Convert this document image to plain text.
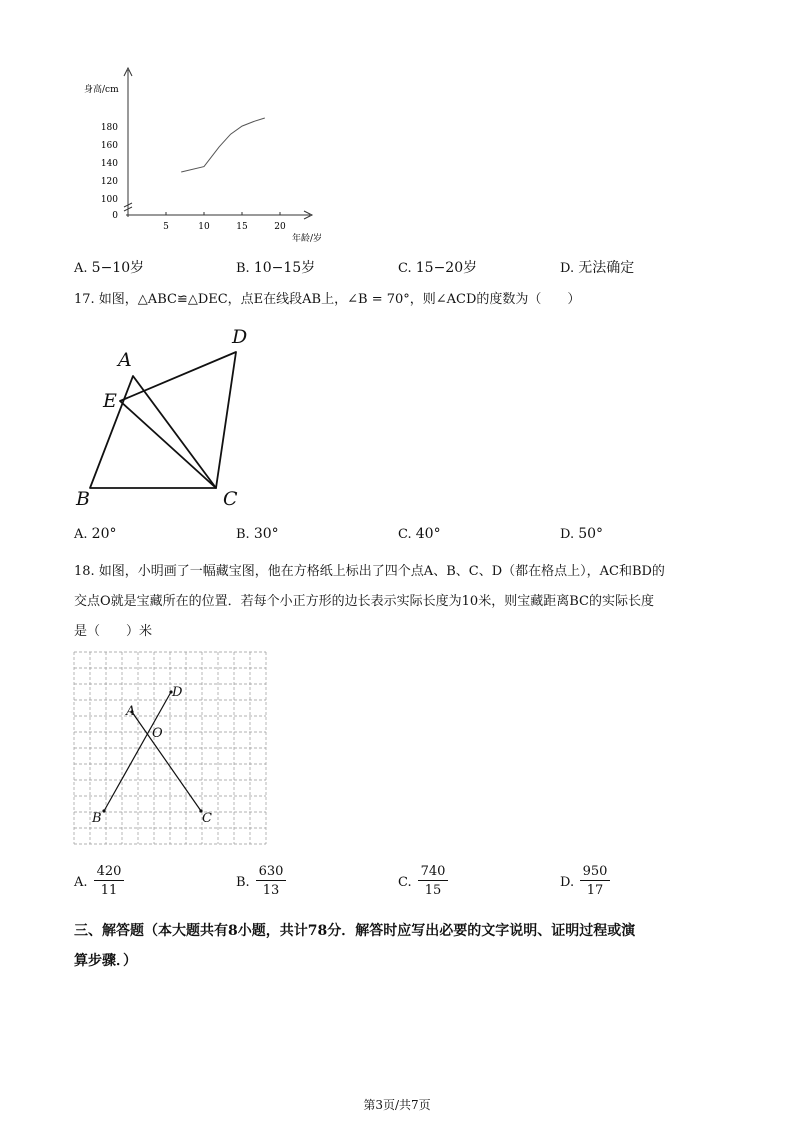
身高/cm
年龄/岁
5	10	15	20
0
100
120
140
160
180
A. 5−10岁	B. 10−15岁	C. 15−20岁	D. 无法确定
17. 如图，△ABC≌△DEC，点E在线段AB上，∠B = 70°，则∠ACD的度数为（　　）
D
A
E
B	C
A. 20°	B. 30°	C. 40°	D. 50°
18. 如图，小明画了一幅藏宝图，他在方格纸上标出了四个点A、B、C、D（都在格点上），AC和BD的
交点O就是宝藏所在的位置．若每个小正方形的边长表示实际长度为10米，则宝藏距离BC的实际长度
是（　　）米
A
D
O
B	C
A. $\frac{420}{11}$	B. $\frac{630}{13}$	C. $\frac{740}{15}$	D. $\frac{950}{17}$
三、解答题（本大题共有8小题，共计78分．解答时应写出必要的文字说明、证明过程或演
算步骤．）
第3页/共7页
